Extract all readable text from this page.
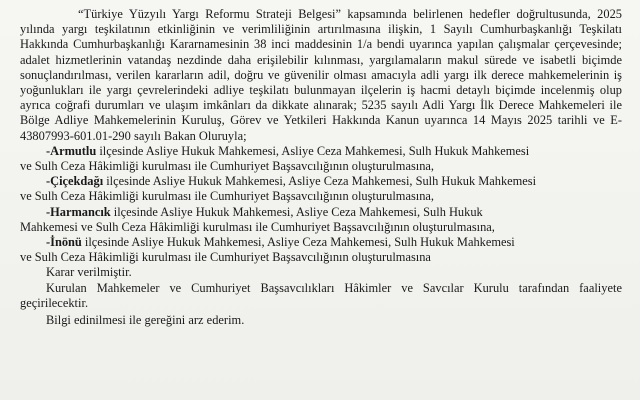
“Türkiye Yüzyılı Yargı Reformu Strateji Belgesi” kapsamında belirlenen hedefler doğrultusunda, 2025 yılında yargı teşkilatının etkinliğinin ve verimliliğinin artırılmasına ilişkin, 1 Sayılı Cumhurbaşkanlığı Teşkilatı Hakkında Cumhurbaşkanlığı Kararnamesinin 38 inci maddesinin 1/a bendi uyarınca yapılan çalışmalar çerçevesinde; adalet hizmetlerinin vatandaş nezdinde daha erişilebilir kılınması, yargılamaların makul sürede ve isabetli biçimde sonuçlandırılması, verilen kararların adil, doğru ve güvenilir olması amacıyla adli yargı ilk derece mahkemelerinin iş yoğunlukları ile yargı çevrelerindeki adliye teşkilatı bulunmayan ilçelerin iş hacmi detaylı biçimde incelenmiş olup ayrıca coğrafi durumları ve ulaşım imkânları da dikkate alınarak; 5235 sayılı Adli Yargı İlk Derece Mahkemeleri ile Bölge Adliye Mahkemelerinin Kuruluş, Görev ve Yetkileri Hakkında Kanun uyarınca 14 Mayıs 2025 tarihli ve E-43807993-601.01-290 sayılı Bakan Oluruyla;

-Armutlu ilçesinde Asliye Hukuk Mahkemesi, Asliye Ceza Mahkemesi, Sulh Hukuk Mahkemesi
ve Sulh Ceza Hâkimliği kurulması ile Cumhuriyet Başsavcılığının oluşturulmasına,

-Çiçekdağı ilçesinde Asliye Hukuk Mahkemesi, Asliye Ceza Mahkemesi, Sulh Hukuk Mahkemesi
ve Sulh Ceza Hâkimliği kurulması ile Cumhuriyet Başsavcılığının oluşturulmasına,

-Harmancık ilçesinde Asliye Hukuk Mahkemesi, Asliye Ceza Mahkemesi, Sulh Hukuk
Mahkemesi ve Sulh Ceza Hâkimliği kurulması ile Cumhuriyet Başsavcılığının oluşturulmasına,

-İnönü ilçesinde Asliye Hukuk Mahkemesi, Asliye Ceza Mahkemesi, Sulh Hukuk Mahkemesi
ve Sulh Ceza Hâkimliği kurulması ile Cumhuriyet Başsavcılığının oluşturulmasına

Karar verilmiştir.

Kurulan Mahkemeler ve Cumhuriyet Başsavcılıkları Hâkimler ve Savcılar Kurulu tarafından faaliyete geçirilecektir.

Bilgi edinilmesi ile gereğini arz ederim.
